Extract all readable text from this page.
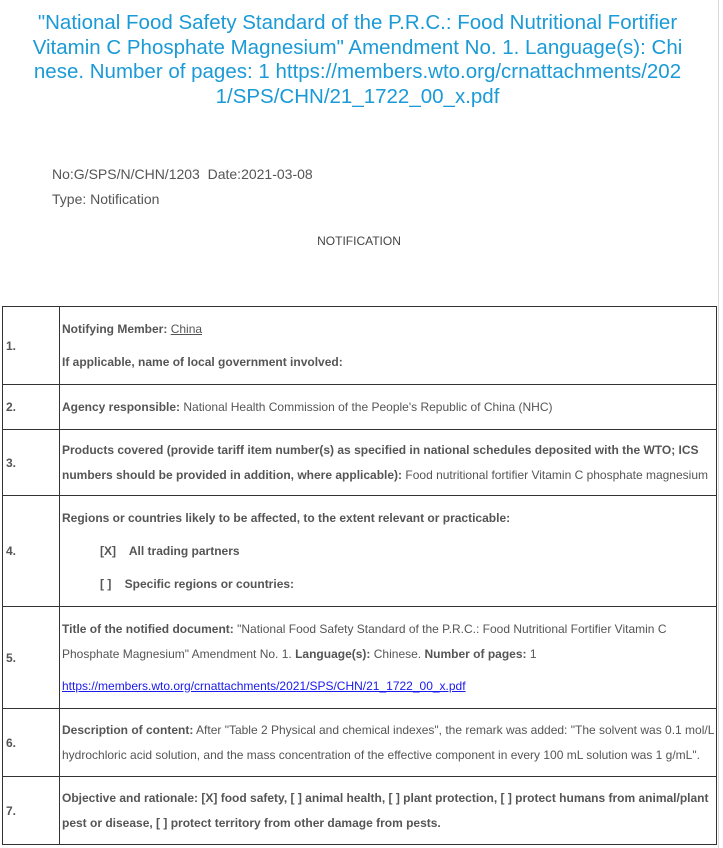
"National Food Safety Standard of the P.R.C.: Food Nutritional Fortifier Vitamin C Phosphate Magnesium" Amendment No. 1. Language(s): Chinese. Number of pages: 1 https://members.wto.org/crnattachments/2021/SPS/CHN/21_1722_00_x.pdf
No:G/SPS/N/CHN/1203  Date:2021-03-08
Type: Notification
NOTIFICATION
1.	Notifying Member: China
If applicable, name of local government involved:
2.	Agency responsible: National Health Commission of the People's Republic of China (NHC)
3.	Products covered (provide tariff item number(s) as specified in national schedules deposited with the WTO; ICS numbers should be provided in addition, where applicable): Food nutritional fortifier Vitamin C phosphate magnesium
4.	Regions or countries likely to be affected, to the extent relevant or practicable:

[X]    All trading partners
[ ]    Specific regions or countries:

5.	Title of the notified document: "National Food Safety Standard of the P.R.C.: Food Nutritional Fortifier Vitamin C Phosphate Magnesium" Amendment No. 1. Language(s): Chinese. Number of pages: 1
https://members.wto.org/crnattachments/2021/SPS/CHN/21_1722_00_x.pdf

6.	Description of content: After "Table 2 Physical and chemical indexes", the remark was added: "The solvent was 0.1 mol/L hydrochloric acid solution, and the mass concentration of the effective component in every 100 mL solution was 1 g/mL".
7.	Objective and rationale: [X] food safety, [ ] animal health, [ ] plant protection, [ ] protect humans from animal/plant pest or disease, [ ] protect territory from other damage from pests.
